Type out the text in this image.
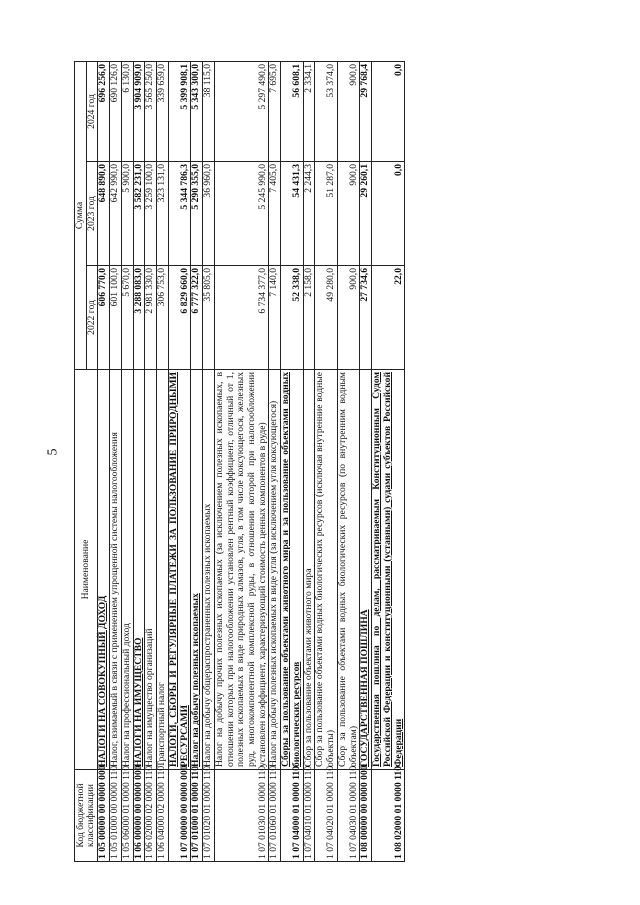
5
Код бюджетной классификации	Наименование	Сумма		
		2022 год	2023 год	2024 год
1 05 00000 00 0000 000	НАЛОГИ НА СОВОКУПНЫЙ ДОХОД	606 770,0	648 890,0	696 256,0
1 05 01000 00 0000 110	Налог, взимаемый в связи с применением упрощенной системы налогообложения	601 100,0	642 990,0	690 126,0
1 05 06000 01 0000 110	Налог на профессиональный доход	5 670,0	5 900,0	6 130,0
1 06 00000 00 0000 000	НАЛОГИ НА ИМУЩЕСТВО	3 288 083,0	3 582 231,0	3 904 909,0
1 06 02000 02 0000 110	Налог на имущество организаций	2 981 330,0	3 259 100,0	3 565 250,0
1 06 04000 02 0000 110	Транспортный налог	306 753,0	323 131,0	339 659,0
1 07 00000 00 0000 000	НАЛОГИ, СБОРЫ И РЕГУЛЯРНЫЕ ПЛАТЕЖИ ЗА ПОЛЬЗОВАНИЕ ПРИРОДНЫМИ РЕСУРСАМИ	6 829 660,0	5 344 786,3	5 399 908,1
1 07 01000 01 0000 110	Налог на добычу полезных ископаемых	6 777 322,0	5 290 355,0	5 343 300,0
1 07 01020 01 0000 110	Налог на добычу общераспространенных полезных ископаемых	35 805,0	36 960,0	38 115,0
1 07 01030 01 0000 110	Налог на добычу прочих полезных ископаемых (за исключением полезных ископаемых, в отношении которых при налогообложении установлен рентный коэффициент, отличный от 1, полезных ископаемых в виде природных алмазов, угля, в том числе коксующегося, железных руд, многокомпонентной комплексной руды, в отношении которой при налогообложении установлен коэффициент, характеризующий стоимость ценных компонентов в руде)	6 734 377,0	5 245 990,0	5 297 490,0
1 07 01060 01 0000 110	Налог на добычу полезных ископаемых в виде угля (за исключением угля коксующегося)	7 140,0	7 405,0	7 695,0
1 07 04000 01 0000 110	Сборы за пользование объектами животного мира и за пользование объектами водных биологических ресурсов	52 338,0	54 431,3	56 608,1
1 07 04010 01 0000 110	Сбор за пользование объектами животного мира	2 158,0	2 244,3	2 334,1
1 07 04020 01 0000 110	Сбор за пользование объектами водных биологических ресурсов (исключая внутренние водные объекты)	49 280,0	51 287,0	53 374,0
1 07 04030 01 0000 110	Сбор за пользование объектами водных биологических ресурсов (по внутренним водным объектам)	900,0	900,0	900,0
1 08 00000 00 0000 000	ГОСУДАРСТВЕННАЯ ПОШЛИНА	27 734,6	29 260,1	29 768,4
1 08 02000 01 0000 110	Государственная пошлина по делам, рассматриваемым Конституционным Судом Российской Федерации и конституционными (уставными) судами субъектов Российской Федерации	22,0	0,0	0,0
